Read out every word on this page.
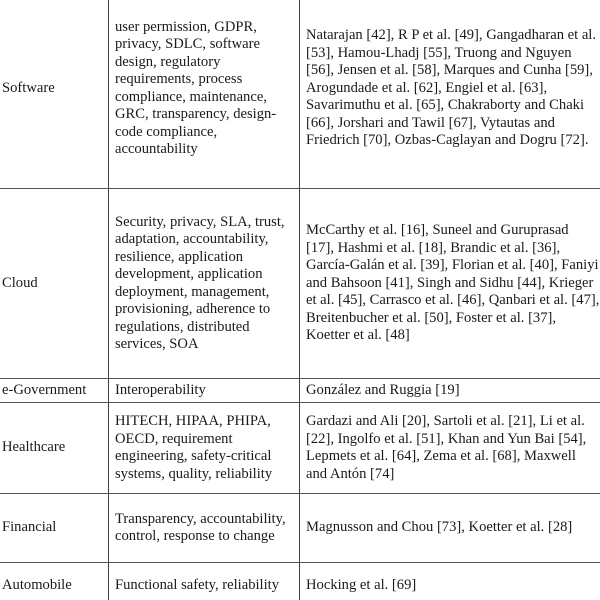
Software	user permission, GDPR, privacy, SDLC, software design, regulatory requirements, process compliance, maintenance, GRC, transparency, design-code compliance, accountability	Natarajan [42], R P et al. [49], Gangadharan et al. [53], Hamou-Lhadj [55], Truong and Nguyen [56], Jensen et al. [58], Marques and Cunha [59], Arogundade et al. [62], Engiel et al. [63], Savarimuthu et al. [65], Chakraborty and Chaki [66], Jorshari and Tawil [67], Vytautas and Friedrich [70], Ozbas-Caglayan and Dogru [72].
Cloud	Security, privacy, SLA, trust, adaptation, accountability, resilience, application development, application deployment, management, provisioning, adherence to regulations, distributed services, SOA	McCarthy et al. [16], Suneel and Guruprasad [17], Hashmi et al. [18], Brandic et al. [36], García-Galán et al. [39], Florian et al. [40], Faniyi and Bahsoon [41], Singh and Sidhu [44], Krieger et al. [45], Carrasco et al. [46], Qanbari et al. [47], Breitenbucher et al. [50], Foster et al. [37], Koetter et al. [48]
e-Government	Interoperability	González and Ruggia [19]
Healthcare	HITECH, HIPAA, PHIPA, OECD, requirement engineering, safety-critical systems, quality, reliability	Gardazi and Ali [20], Sartoli et al. [21], Li et al. [22], Ingolfo et al. [51], Khan and Yun Bai [54], Lepmets et al. [64], Zema et al. [68], Maxwell and Antón [74]
Financial	Transparency, accountability, control, response to change	Magnusson and Chou [73], Koetter et al. [28]
Automobile	Functional safety, reliability	Hocking et al. [69]
